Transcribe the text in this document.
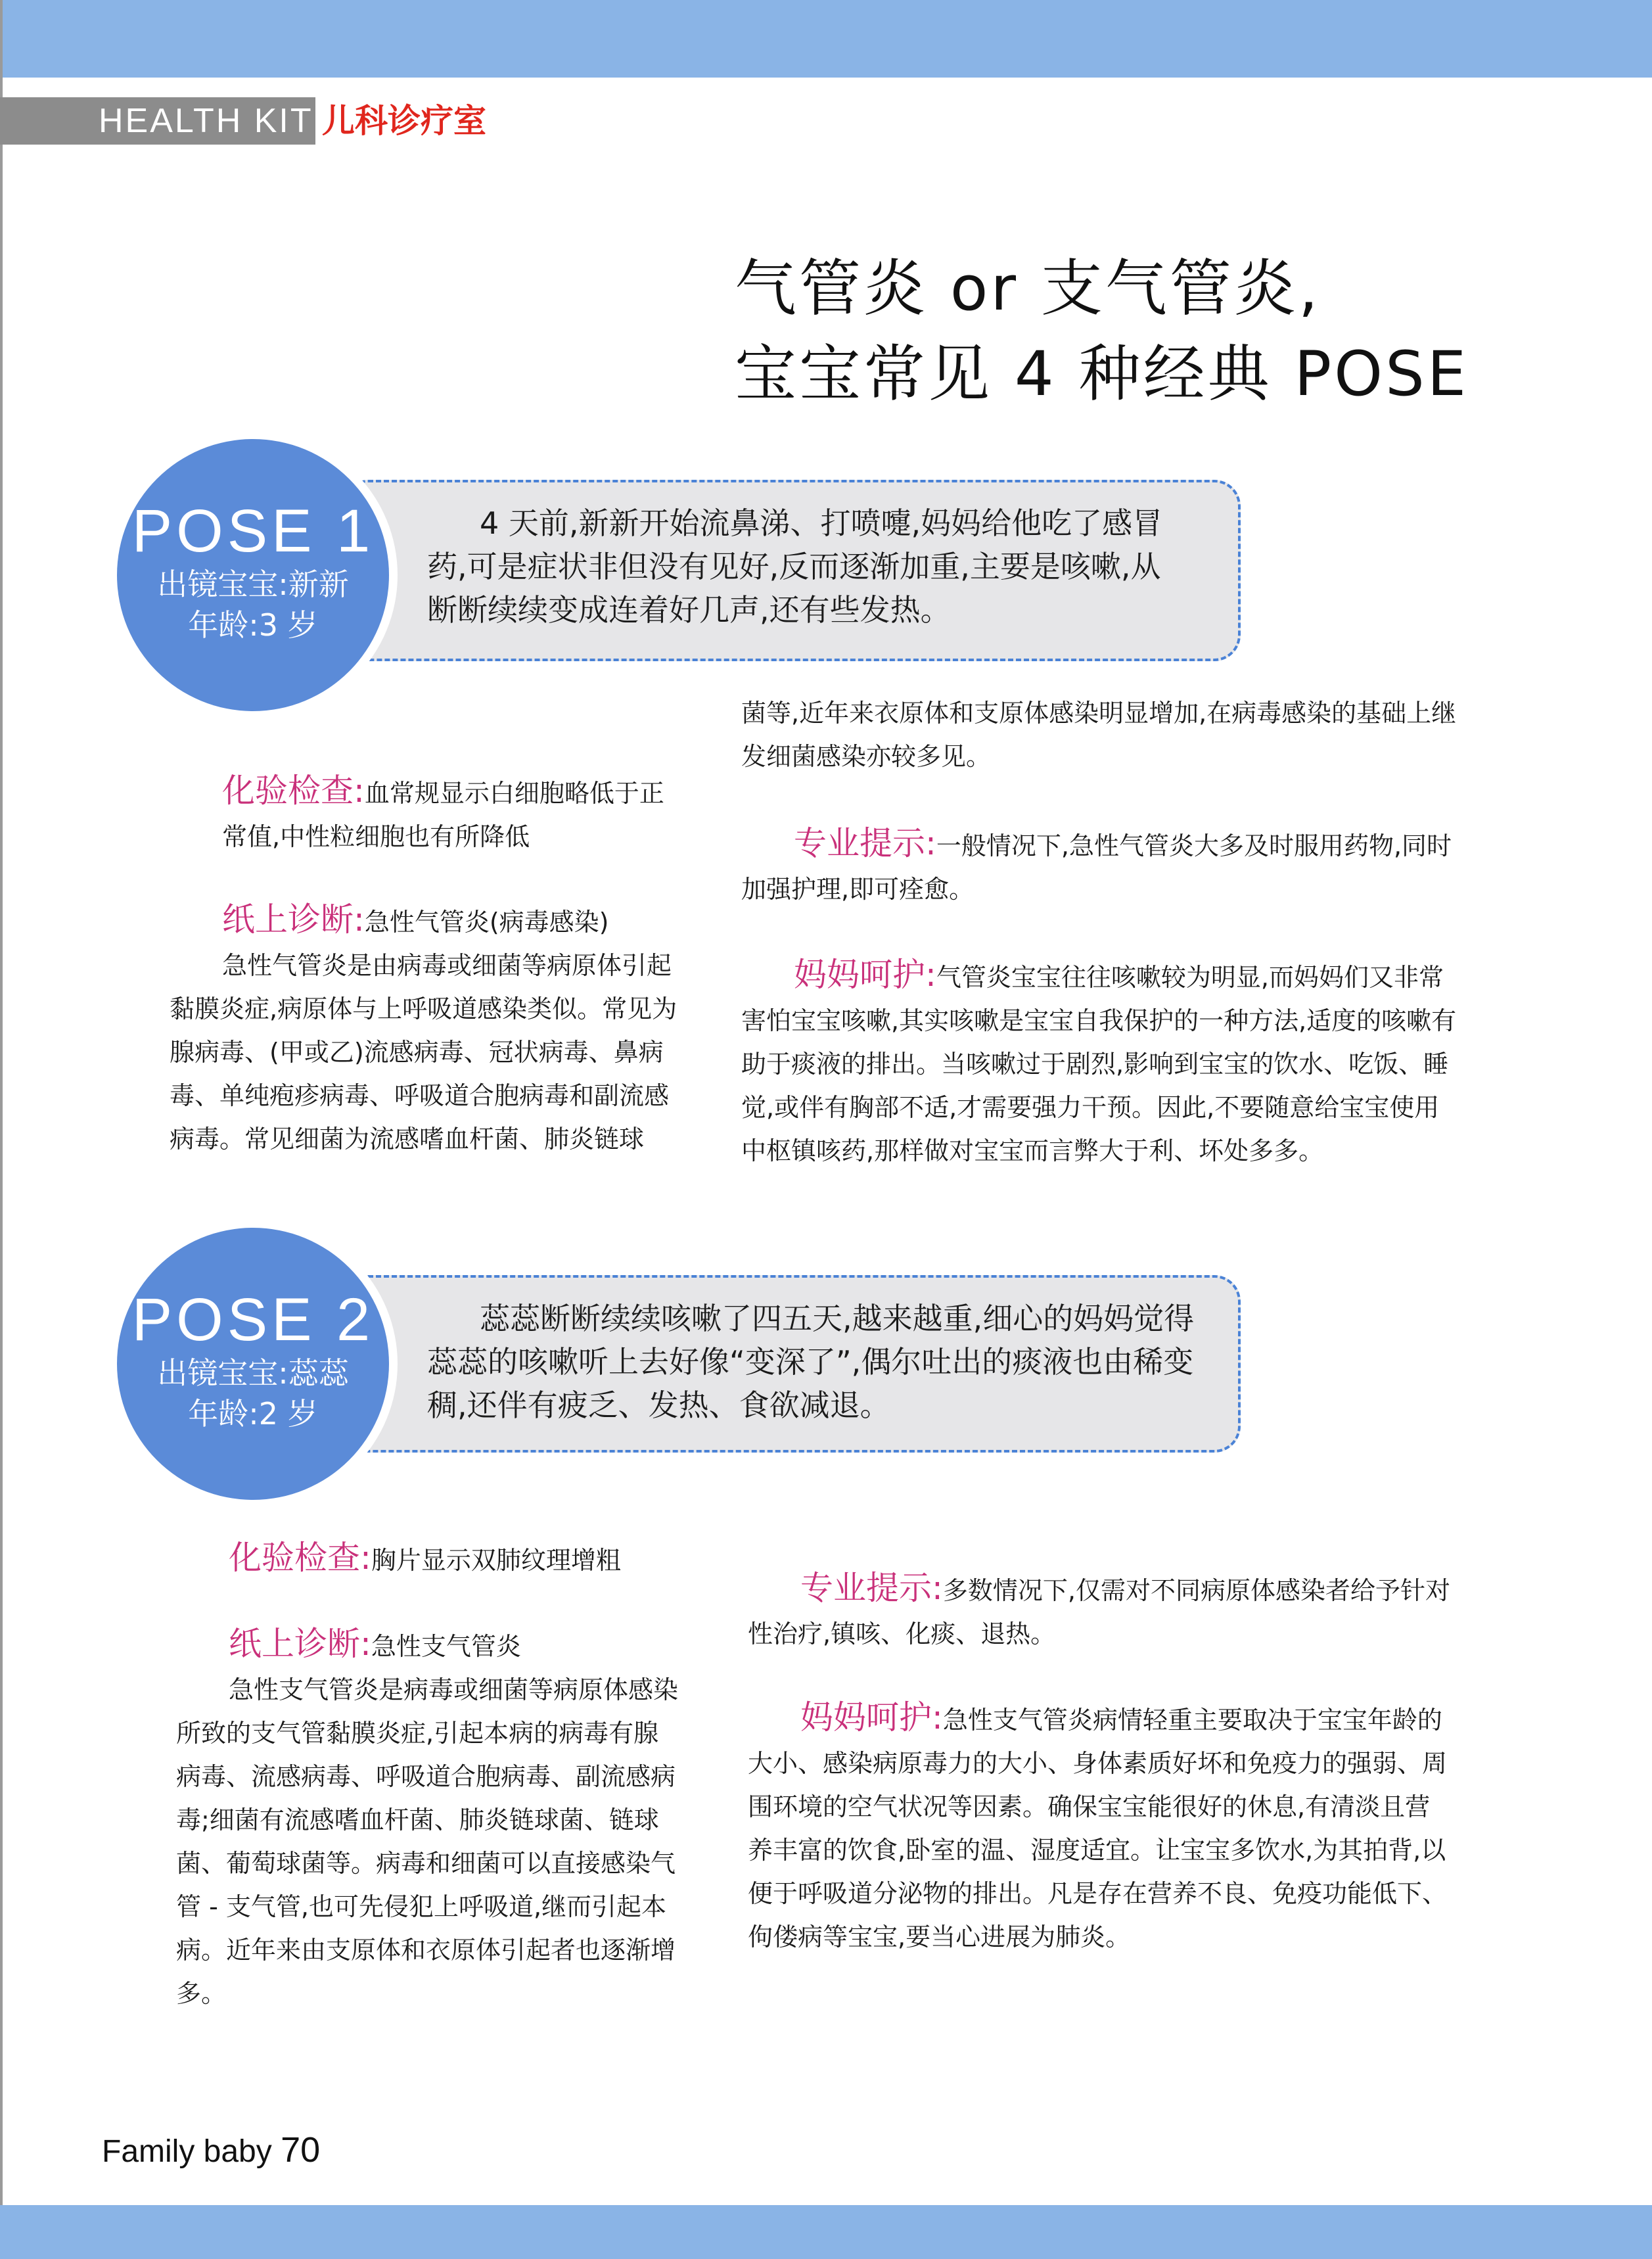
HEALTH KIT 儿科诊疗室
气管炎 or 支气管炎,
宝宝常见 4 种经典 POSE
4 天前,新新开始流鼻涕、打喷嚏,妈妈给他吃了感冒药,可是症状非但没有见好,反而逐渐加重,主要是咳嗽,从断断续续变成连着好几声,还有些发热。
POSE 1
出镜宝宝:新新
年龄:3 岁
化验检查:血常规显示白细胞略低于正常值,中性粒细胞也有所降低
纸上诊断:急性气管炎(病毒感染)
急性气管炎是由病毒或细菌等病原体引起黏膜炎症,病原体与上呼吸道感染类似。常见为腺病毒、(甲或乙)流感病毒、冠状病毒、鼻病毒、单纯疱疹病毒、呼吸道合胞病毒和副流感病毒。常见细菌为流感嗜血杆菌、肺炎链球
菌等,近年来衣原体和支原体感染明显增加,在病毒感染的基础上继发细菌感染亦较多见。
专业提示:一般情况下,急性气管炎大多及时服用药物,同时加强护理,即可痊愈。
妈妈呵护:气管炎宝宝往往咳嗽较为明显,而妈妈们又非常害怕宝宝咳嗽,其实咳嗽是宝宝自我保护的一种方法,适度的咳嗽有助于痰液的排出。当咳嗽过于剧烈,影响到宝宝的饮水、吃饭、睡觉,或伴有胸部不适,才需要强力干预。因此,不要随意给宝宝使用中枢镇咳药,那样做对宝宝而言弊大于利、坏处多多。
蕊蕊断断续续咳嗽了四五天,越来越重,细心的妈妈觉得蕊蕊的咳嗽听上去好像“变深了”,偶尔吐出的痰液也由稀变稠,还伴有疲乏、发热、食欲减退。
POSE 2
出镜宝宝:蕊蕊
年龄:2 岁
化验检查:胸片显示双肺纹理增粗
纸上诊断:急性支气管炎
急性支气管炎是病毒或细菌等病原体感染所致的支气管黏膜炎症,引起本病的病毒有腺病毒、流感病毒、呼吸道合胞病毒、副流感病毒;细菌有流感嗜血杆菌、肺炎链球菌、链球菌、葡萄球菌等。病毒和细菌可以直接感染气管 - 支气管,也可先侵犯上呼吸道,继而引起本病。近年来由支原体和衣原体引起者也逐渐增多。
专业提示:多数情况下,仅需对不同病原体感染者给予针对性治疗,镇咳、化痰、退热。
妈妈呵护:急性支气管炎病情轻重主要取决于宝宝年龄的大小、感染病原毒力的大小、身体素质好坏和免疫力的强弱、周围环境的空气状况等因素。确保宝宝能很好的休息,有清淡且营养丰富的饮食,卧室的温、湿度适宜。让宝宝多饮水,为其拍背,以便于呼吸道分泌物的排出。凡是存在营养不良、免疫功能低下、佝偻病等宝宝,要当心进展为肺炎。
Family baby 70
